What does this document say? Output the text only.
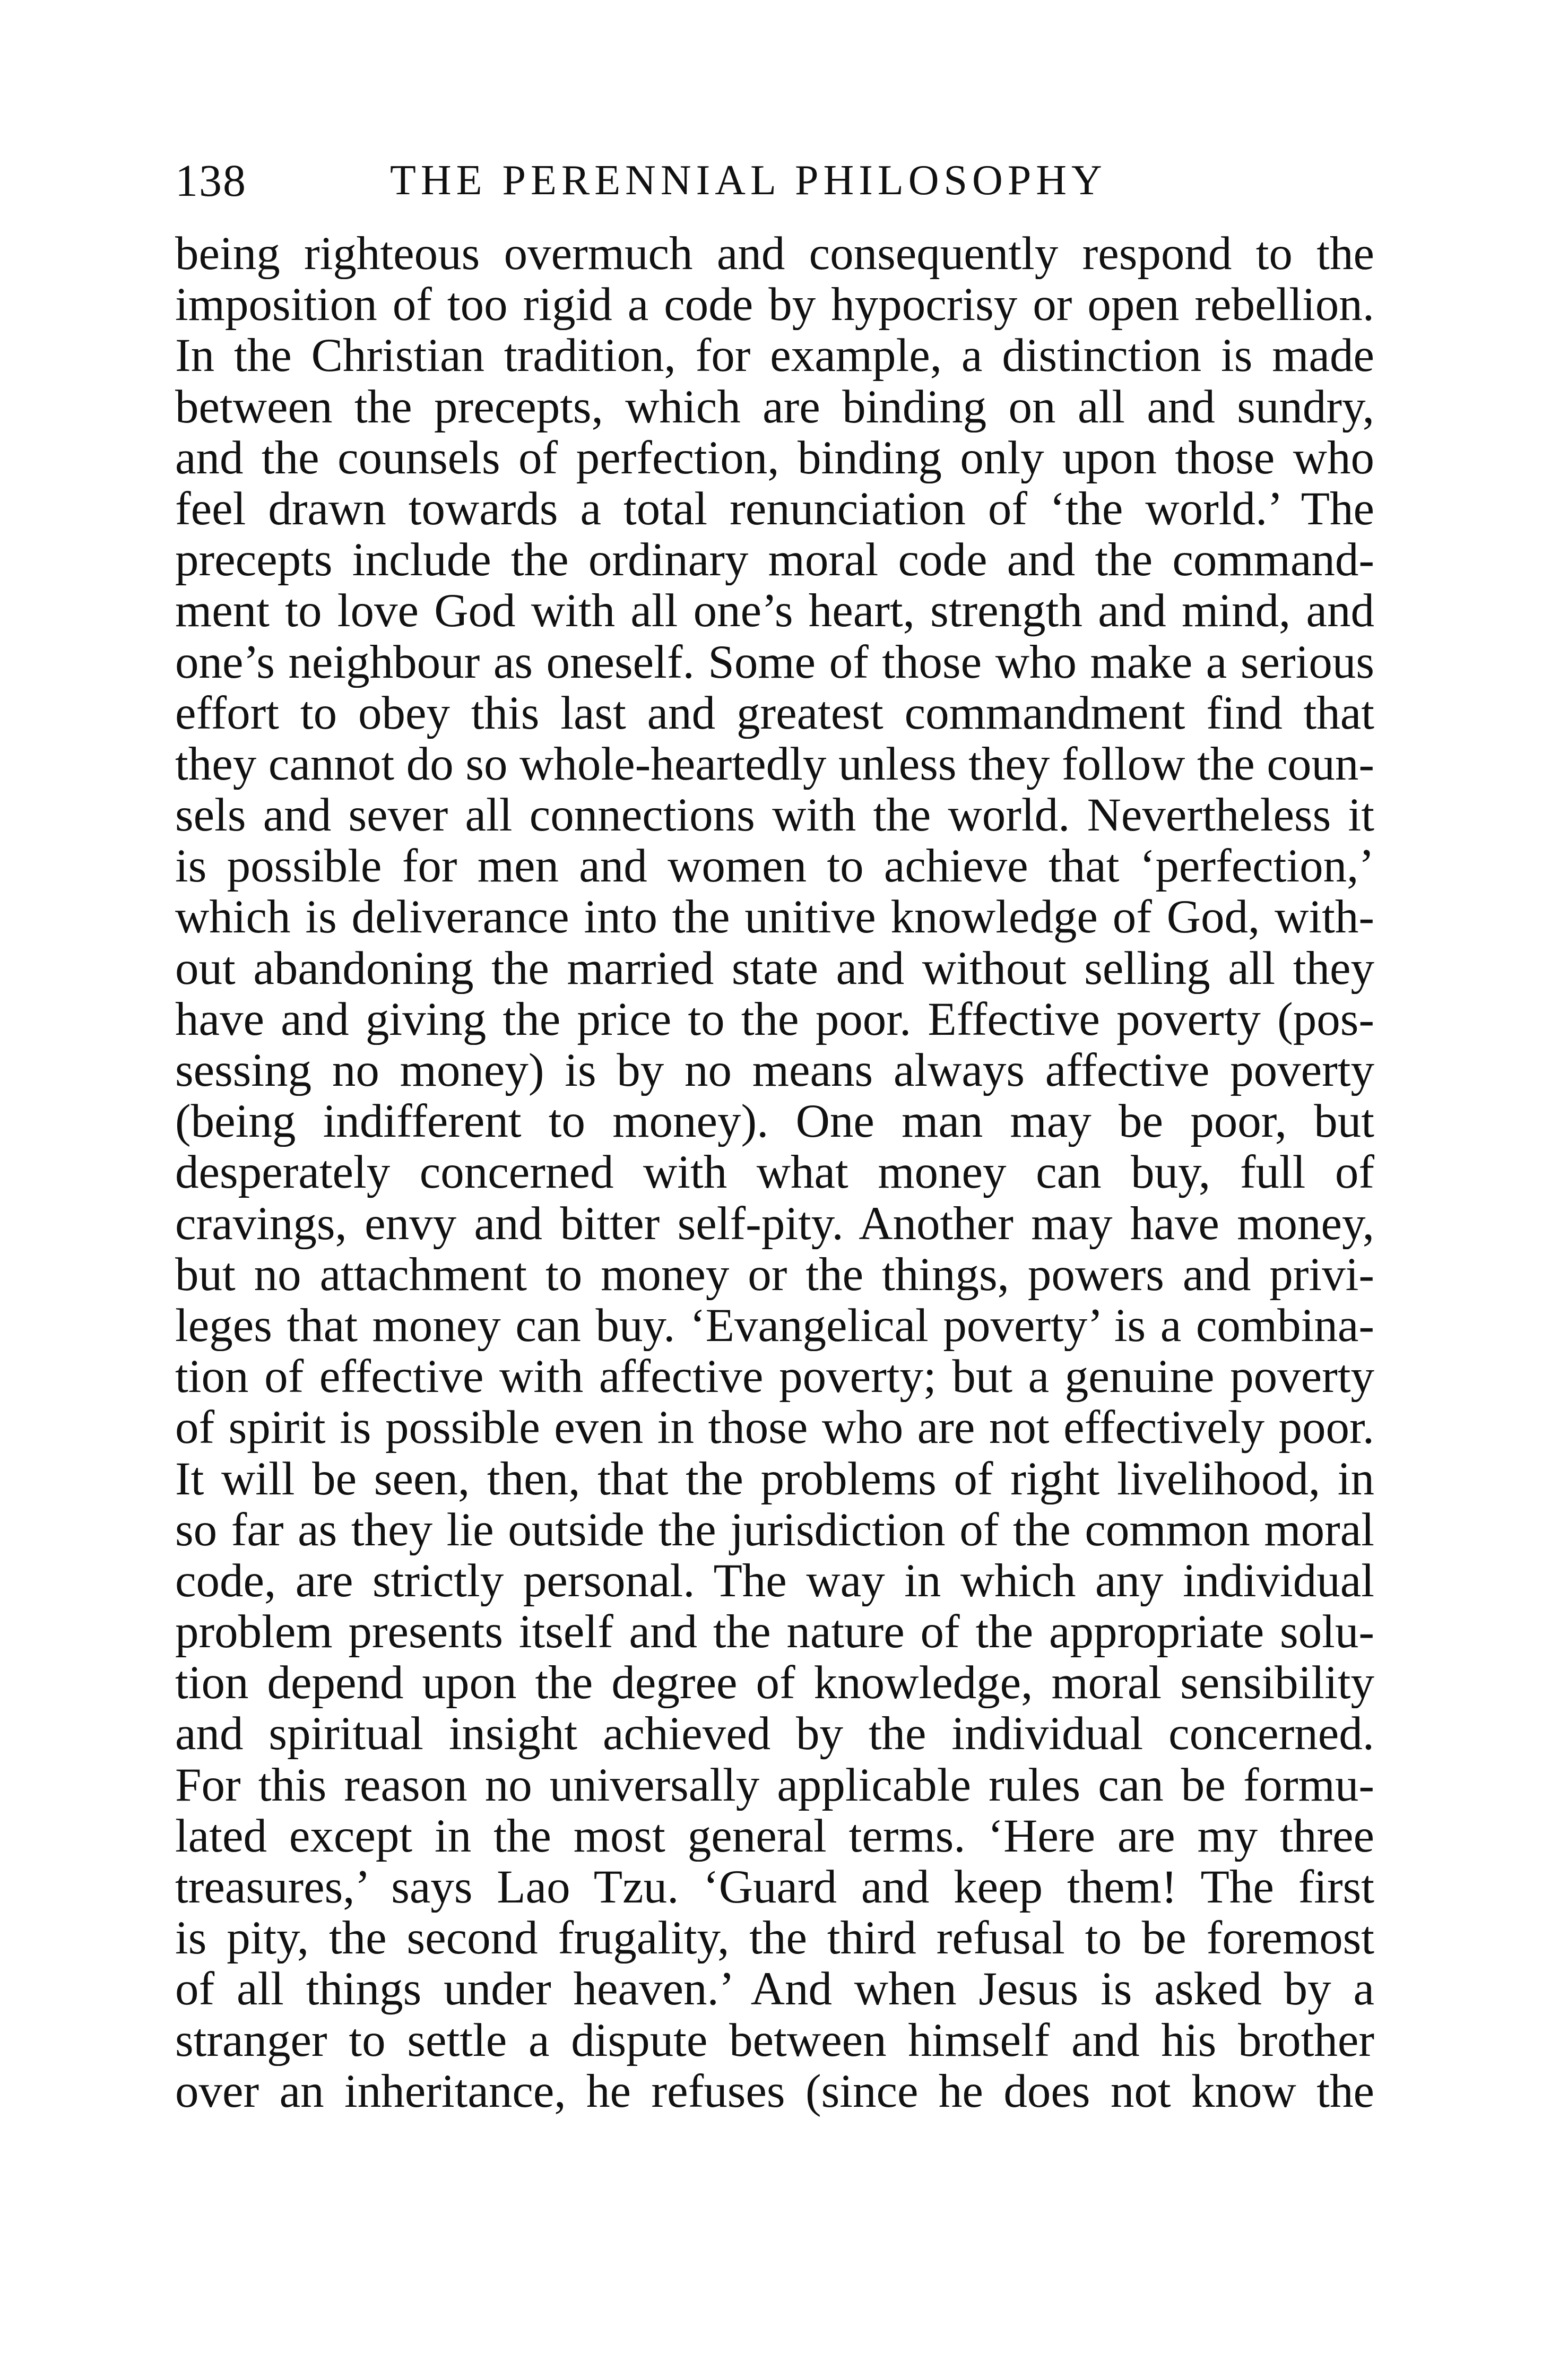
138	THE PERENNIAL PHILOSOPHY
being righteous overmuch and consequently respond to the
imposition of too rigid a code by hypocrisy or open rebellion.
In the Christian tradition, for example, a distinction is made
between the precepts, which are binding on all and sundry,
and the counsels of perfection, binding only upon those who
feel drawn towards a total renunciation of ‘the world.’ The
precepts include the ordinary moral code and the command-
ment to love God with all one’s heart, strength and mind, and
one’s neighbour as oneself. Some of those who make a serious
effort to obey this last and greatest commandment find that
they cannot do so whole-heartedly unless they follow the coun-
sels and sever all connections with the world. Nevertheless it
is possible for men and women to achieve that ‘perfection,’
which is deliverance into the unitive knowledge of God, with-
out abandoning the married state and without selling all they
have and giving the price to the poor. Effective poverty (pos-
sessing no money) is by no means always affective poverty
(being indifferent to money). One man may be poor, but
desperately concerned with what money can buy, full of
cravings, envy and bitter self-pity. Another may have money,
but no attachment to money or the things, powers and privi-
leges that money can buy. ‘Evangelical poverty’ is a combina-
tion of effective with affective poverty; but a genuine poverty
of spirit is possible even in those who are not effectively poor.
It will be seen, then, that the problems of right livelihood, in
so far as they lie outside the jurisdiction of the common moral
code, are strictly personal. The way in which any individual
problem presents itself and the nature of the appropriate solu-
tion depend upon the degree of knowledge, moral sensibility
and spiritual insight achieved by the individual concerned.
For this reason no universally applicable rules can be formu-
lated except in the most general terms. ‘Here are my three
treasures,’ says Lao Tzu. ‘Guard and keep them! The first
is pity, the second frugality, the third refusal to be foremost
of all things under heaven.’ And when Jesus is asked by a
stranger to settle a dispute between himself and his brother
over an inheritance, he refuses (since he does not know the
